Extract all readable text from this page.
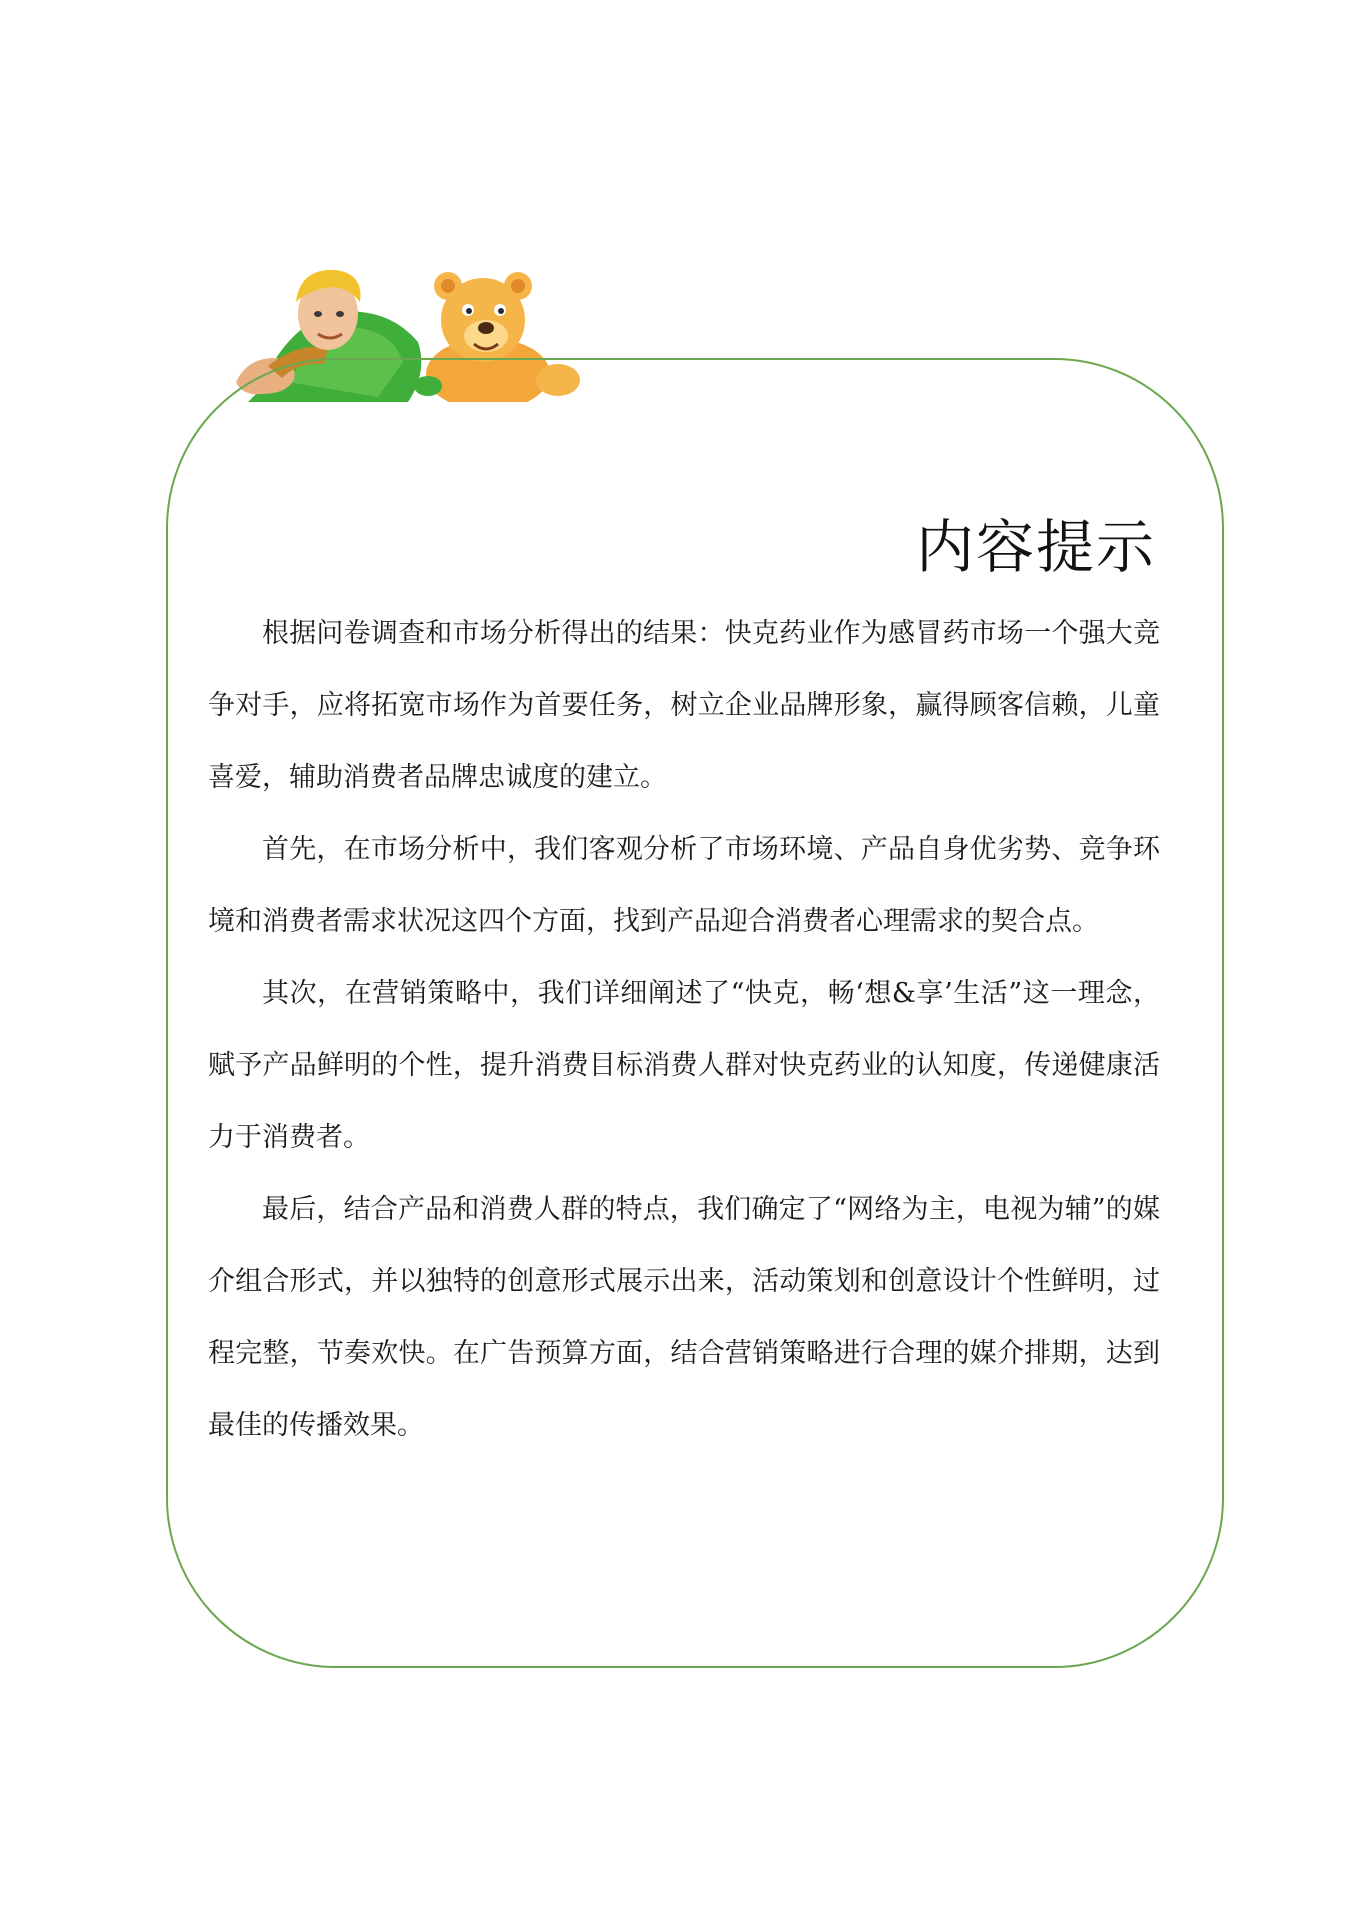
内容提示

根据问卷调查和市场分析得出的结果：快克药业作为感冒药市场一个强大竞争对手，应将拓宽市场作为首要任务，树立企业品牌形象，赢得顾客信赖，儿童喜爱，辅助消费者品牌忠诚度的建立。

首先，在市场分析中，我们客观分析了市场环境、产品自身优劣势、竞争环境和消费者需求状况这四个方面，找到产品迎合消费者心理需求的契合点。

其次，在营销策略中，我们详细阐述了“快克，畅‘想&享’生活”这一理念，赋予产品鲜明的个性，提升消费目标消费人群对快克药业的认知度，传递健康活力于消费者。

最后，结合产品和消费人群的特点，我们确定了“网络为主，电视为辅”的媒介组合形式，并以独特的创意形式展示出来，活动策划和创意设计个性鲜明，过程完整，节奏欢快。在广告预算方面，结合营销策略进行合理的媒介排期，达到最佳的传播效果。
